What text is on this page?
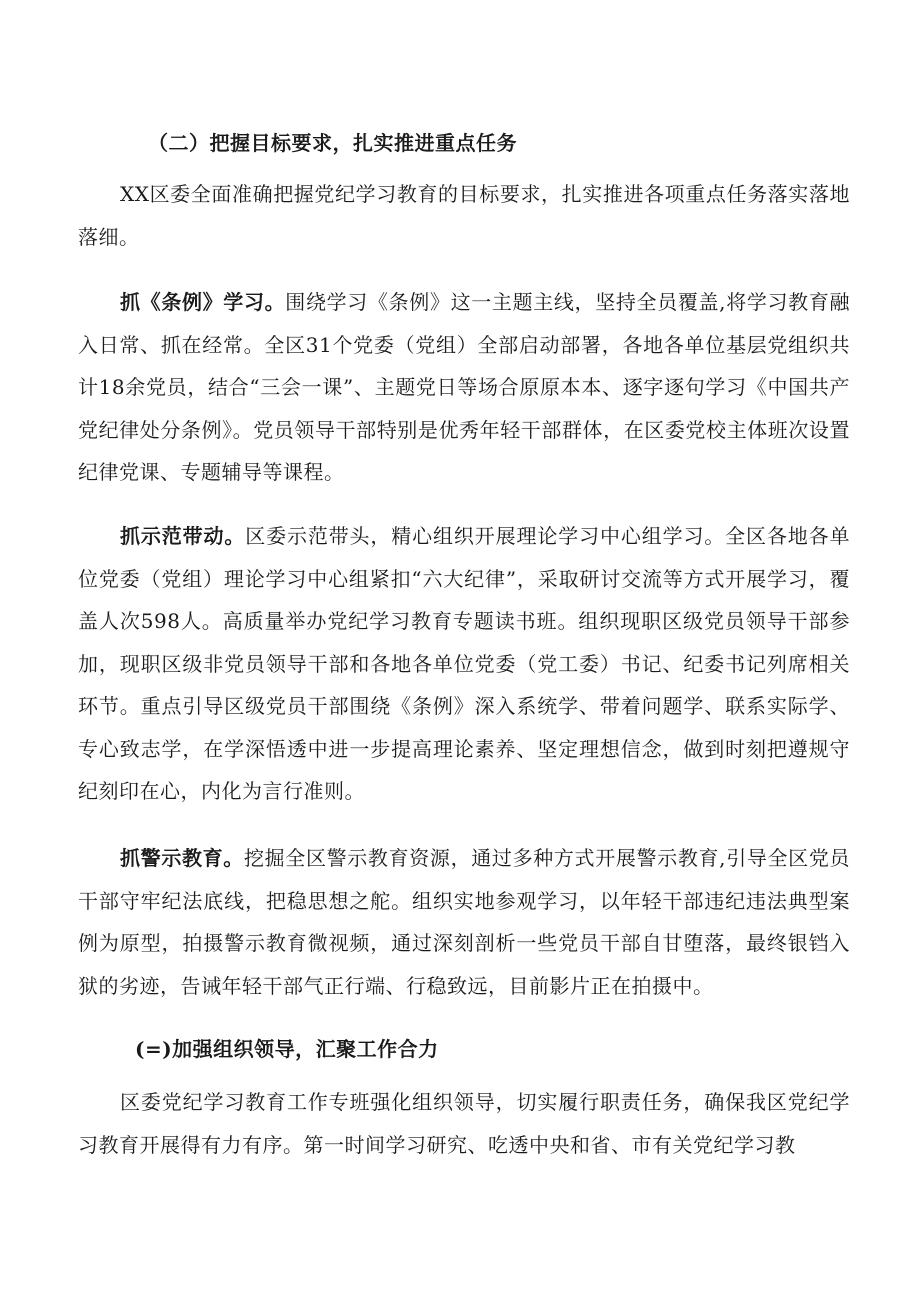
（二）把握目标要求，扎实推进重点任务

XX区委全面准确把握党纪学习教育的目标要求，扎实推进各项重点任务落实落地落细。

抓《条例》学习。围绕学习《条例》这一主题主线，坚持全员覆盖,将学习教育融入日常、抓在经常。全区31个党委（党组）全部启动部署，各地各单位基层党组织共计18余党员，结合“三会一课”、主题党日等场合原原本本、逐字逐句学习《中国共产党纪律处分条例》。党员领导干部特别是优秀年轻干部群体，在区委党校主体班次设置纪律党课、专题辅导等课程。

抓示范带动。区委示范带头，精心组织开展理论学习中心组学习。全区各地各单位党委（党组）理论学习中心组紧扣“六大纪律”，采取研讨交流等方式开展学习，覆盖人次598人。高质量举办党纪学习教育专题读书班。组织现职区级党员领导干部参加，现职区级非党员领导干部和各地各单位党委（党工委）书记、纪委书记列席相关环节。重点引导区级党员干部围绕《条例》深入系统学、带着问题学、联系实际学、专心致志学，在学深悟透中进一步提高理论素养、坚定理想信念，做到时刻把遵规守纪刻印在心，内化为言行准则。

抓警示教育。挖掘全区警示教育资源，通过多种方式开展警示教育,引导全区党员干部守牢纪法底线，把稳思想之舵。组织实地参观学习，以年轻干部违纪违法典型案例为原型，拍摄警示教育微视频，通过深刻剖析一些党员干部自甘堕落，最终银铛入狱的劣迹，告诫年轻干部气正行端、行稳致远，目前影片正在拍摄中。

(=)加强组织领导，汇聚工作合力

区委党纪学习教育工作专班强化组织领导，切实履行职责任务，确保我区党纪学习教育开展得有力有序。第一时间学习研究、吃透中央和省、市有关党纪学习教
